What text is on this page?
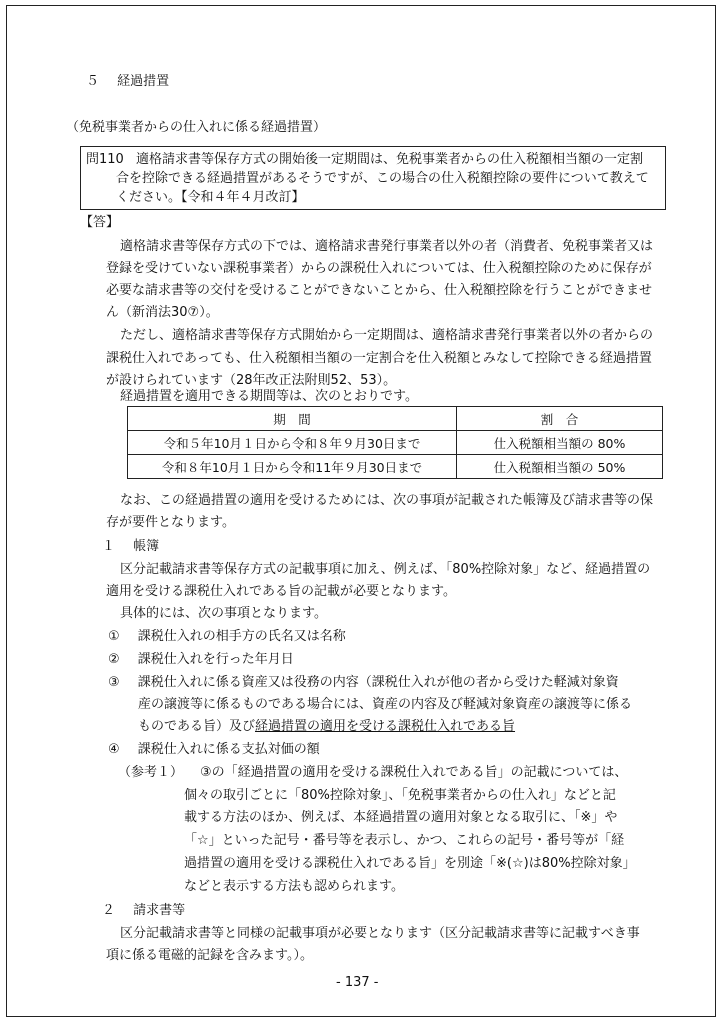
５ 経過措置
（免税事業者からの仕入れに係る経過措置）
問110 適格請求書等保存方式の開始後一定期間は、免税事業者からの仕入税額相当額の一定割
合を控除できる経過措置があるそうですが、この場合の仕入税額控除の要件について教えて
ください。【令和４年４月改訂】
【答】
適格請求書等保存方式の下では、適格請求書発行事業者以外の者（消費者、免税事業者又は
登録を受けていない課税事業者）からの課税仕入れについては、仕入税額控除のために保存が
必要な請求書等の交付を受けることができないことから、仕入税額控除を行うことができませ
ん（新消法30⑦）。
ただし、適格請求書等保存方式開始から一定期間は、適格請求書発行事業者以外の者からの
課税仕入れであっても、仕入税額相当額の一定割合を仕入税額とみなして控除できる経過措置
が設けられています（28年改正法附則52、53）。
経過措置を適用できる期間等は、次のとおりです。
期　間	割　合
令和５年10月１日から令和８年９月30日まで	仕入税額相当額の 80%
令和８年10月１日から令和11年９月30日まで	仕入税額相当額の 50%
なお、この経過措置の適用を受けるためには、次の事項が記載された帳簿及び請求書等の保
存が要件となります。
１ 帳簿
区分記載請求書等保存方式の記載事項に加え、例えば、「80%控除対象」など、経過措置の
適用を受ける課税仕入れである旨の記載が必要となります。
具体的には、次の事項となります。
① 課税仕入れの相手方の氏名又は名称
② 課税仕入れを行った年月日
③ 課税仕入れに係る資産又は役務の内容（課税仕入れが他の者から受けた軽減対象資
産の譲渡等に係るものである場合には、資産の内容及び軽減対象資産の譲渡等に係る
ものである旨）及び経過措置の適用を受ける課税仕入れである旨
④ 課税仕入れに係る支払対価の額
（参考１） ③の「経過措置の適用を受ける課税仕入れである旨」の記載については、
個々の取引ごとに「80%控除対象」、「免税事業者からの仕入れ」などと記
載する方法のほか、例えば、本経過措置の適用対象となる取引に、「※」や
「☆」といった記号・番号等を表示し、かつ、これらの記号・番号等が「経
過措置の適用を受ける課税仕入れである旨」を別途「※(☆)は80%控除対象」
などと表示する方法も認められます。
２ 請求書等
区分記載請求書等と同様の記載事項が必要となります（区分記載請求書等に記載すべき事
項に係る電磁的記録を含みます。）。
- 137 -
